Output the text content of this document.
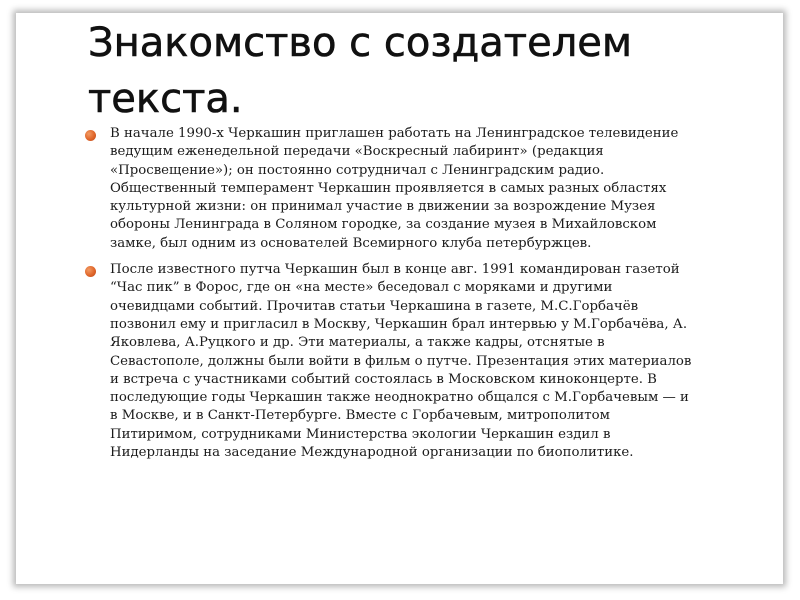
Знакомство с создателем
текста.
В начале 1990-х Черкашин приглашен работать на Ленинградское телевидение
ведущим еженедельной передачи «Воскресный лабиринт» (редакция
«Просвещение»); он постоянно сотрудничал с Ленинградским радио.
Общественный темперамент Черкашин проявляется в самых разных областях
культурной жизни: он принимал участие в движении за возрождение Музея
обороны Ленинграда в Соляном городке, за создание музея в Михайловском
замке, был одним из основателей Всемирного клуба петербуржцев.
После известного путча Черкашин был в конце авг. 1991 командирован газетой
“Час пик” в Форос, где он «на месте» беседовал с моряками и другими
очевидцами событий. Прочитав статьи Черкашина в газете, М.С.Горбачёв
позвонил ему и пригласил в Москву, Черкашин брал интервью у М.Горбачёва, А.
Яковлева, А.Руцкого и др. Эти материалы, а также кадры, отснятые в
Севастополе, должны были войти в фильм о путче. Презентация этих материалов
и встреча с участниками событий состоялась в Московском киноконцерте. В
последующие годы Черкашин также неоднократно общался с М.Горбачевым — и
в Москве, и в Санкт-Петербурге. Вместе с Горбачевым, митрополитом
Питиримом, сотрудниками Министерства экологии Черкашин ездил в
Нидерланды на заседание Международной организации по биополитике.
